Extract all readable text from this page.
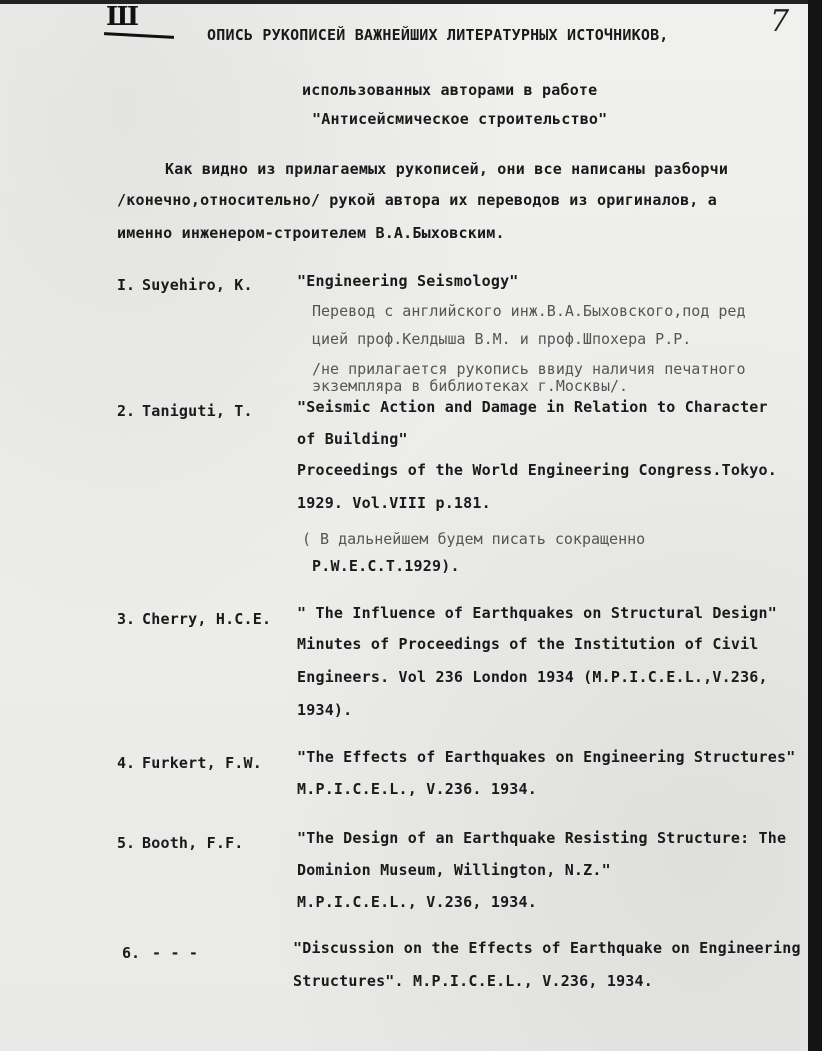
Ш	7
ОПИСЬ РУКОПИСЕЙ ВАЖНЕЙШИХ ЛИТЕРАТУРНЫХ ИСТОЧНИКОВ,
использованных авторами в работе
"Антисейсмическое строительство"
Как видно из прилагаемых рукописей, они все написаны разборчи
/конечно,относительно/ рукой автора их переводов из оригиналов, а
именно инженером-строителем В.А.Быховским.
I. Suyehiro, K.	"Engineering Seismology"
Перевод с английского инж.В.А.Быховского,под ред
цией проф.Келдыша В.М. и проф.Шпохера Р.Р.
/не прилагается рукопись ввиду наличия печатного
экземпляра в библиотеках г.Москвы/.
2. Taniguti, T.	"Seismic Action and Damage in Relation to Character
of Building"
Proceedings of the World Engineering Congress.Tokyo.
1929. Vol.VIII p.181.
( В дальнейшем будем писать сокращенно
P.W.E.C.T.1929).
3. Cherry, H.C.E. " The Influence of Earthquakes on Structural Design"
Minutes of Proceedings of the Institution of Civil
Engineers. Vol 236 London 1934 (M.P.I.C.E.L.,V.236,
1934).
4. Furkert, F.W. "The Effects of Earthquakes on Engineering Structures"
M.P.I.C.E.L., V.236. 1934.
5. Booth, F.F.	"The Design of an Earthquake Resisting Structure: The
Dominion Museum, Willington, N.Z."
M.P.I.C.E.L., V.236, 1934.
6. - - -	"Discussion on the Effects of Earthquake on Engineering
Structures". M.P.I.C.E.L., V.236, 1934.
